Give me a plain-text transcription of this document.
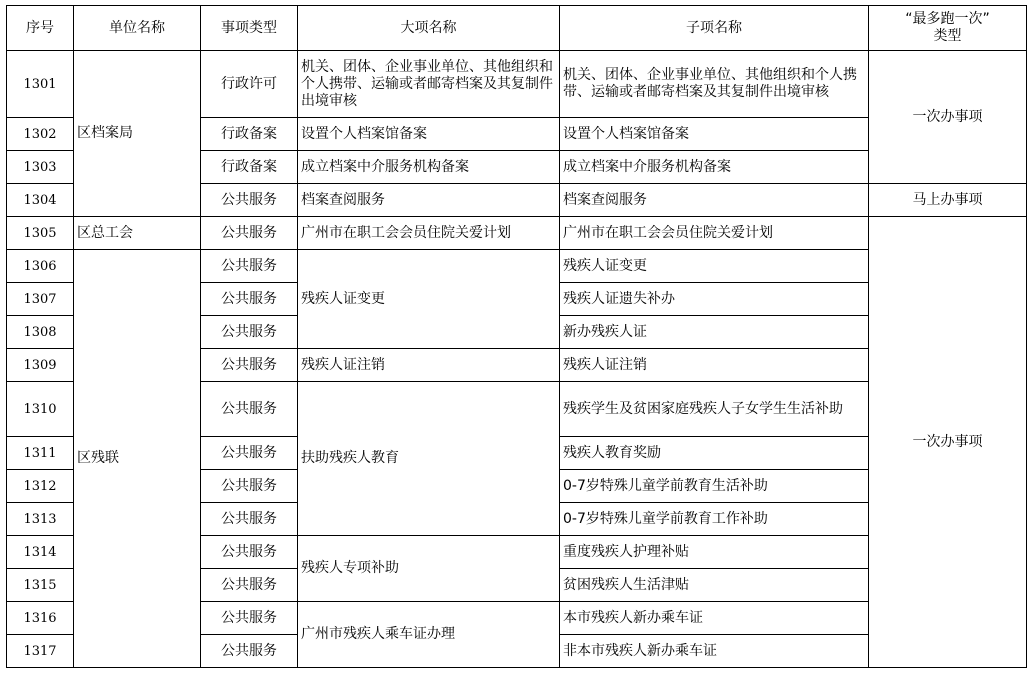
序号	单位名称	事项类型	大项名称	子项名称	“最多跑一次”
类型
1301	区档案局	行政许可	机关、团体、企业事业单位、其他组织和个人携带、运输或者邮寄档案及其复制件出境审核	机关、团体、企业事业单位、其他组织和个人携带、运输或者邮寄档案及其复制件出境审核	一次办事项
1302		行政备案	设置个人档案馆备案	设置个人档案馆备案	
1303		行政备案	成立档案中介服务机构备案	成立档案中介服务机构备案	
1304		公共服务	档案查阅服务	档案查阅服务	马上办事项
1305	区总工会	公共服务	广州市在职工会会员住院关爱计划	广州市在职工会会员住院关爱计划	一次办事项
1306	区残联	公共服务	残疾人证变更	残疾人证变更	
1307		公共服务		残疾人证遗失补办	
1308		公共服务		新办残疾人证	
1309		公共服务	残疾人证注销	残疾人证注销	
1310		公共服务	扶助残疾人教育	残疾学生及贫困家庭残疾人子女学生生活补助	
1311		公共服务		残疾人教育奖励	
1312		公共服务		0-7岁特殊儿童学前教育生活补助	
1313		公共服务		0-7岁特殊儿童学前教育工作补助	
1314		公共服务	残疾人专项补助	重度残疾人护理补贴	
1315		公共服务		贫困残疾人生活津贴	
1316		公共服务	广州市残疾人乘车证办理	本市残疾人新办乘车证	
1317		公共服务		非本市残疾人新办乘车证	
